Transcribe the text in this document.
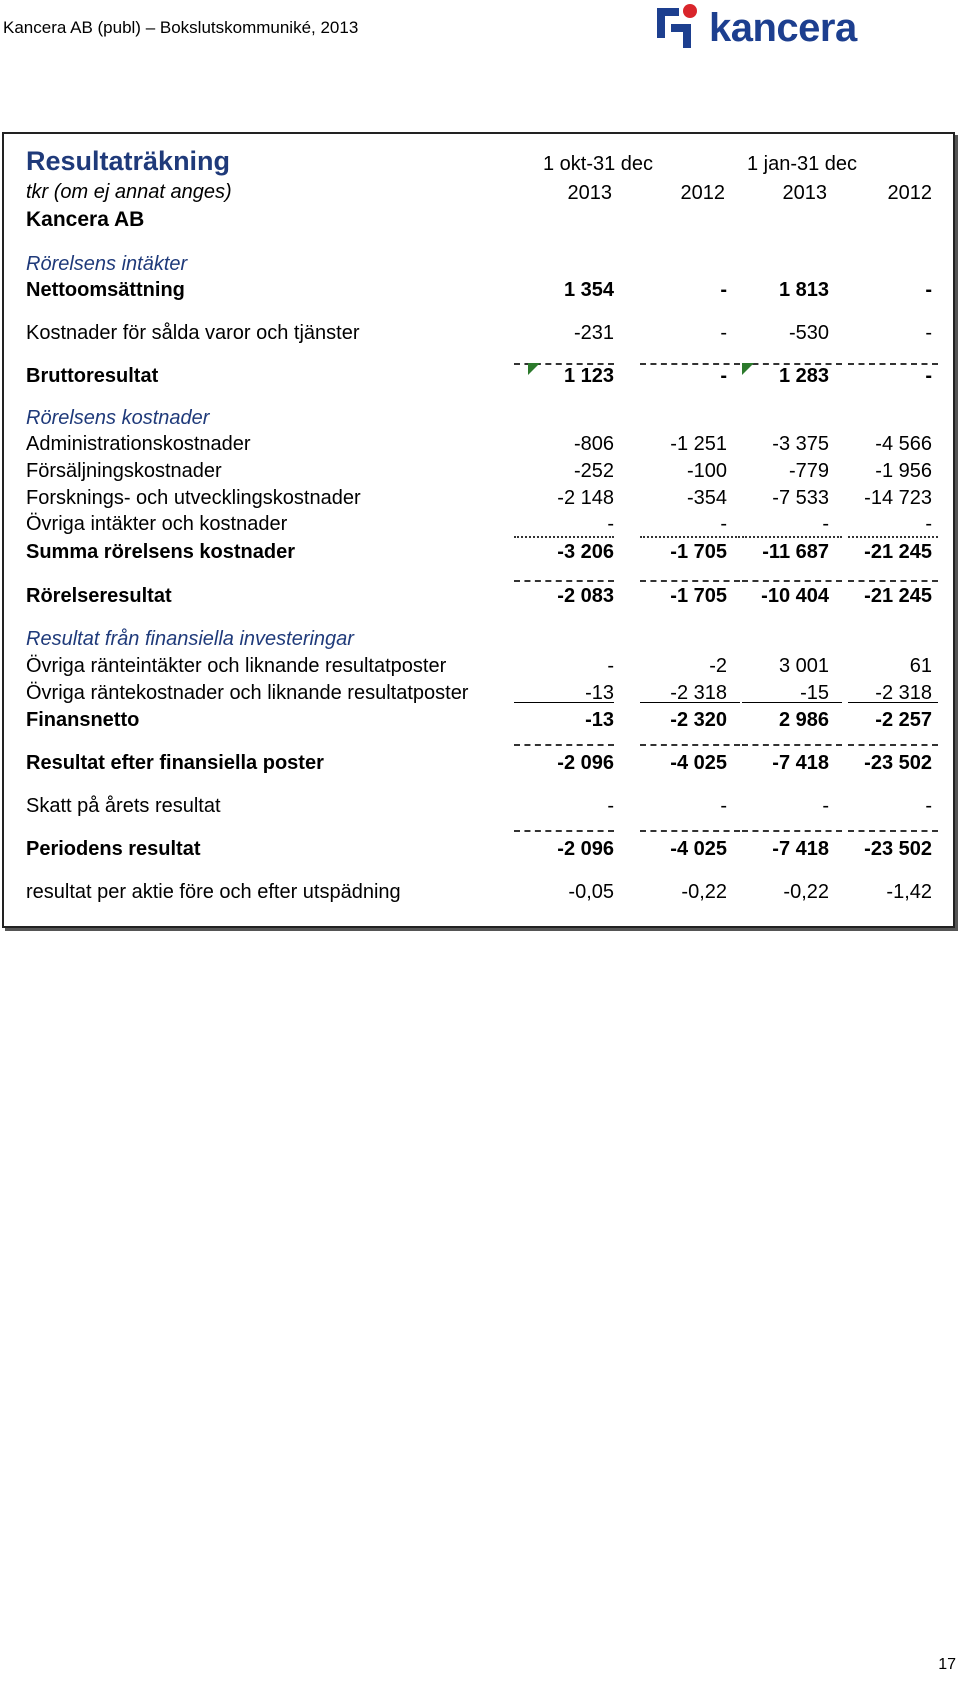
Kancera AB (publ) – Bokslutskommuniké, 2013	kancera
Resultaträkning
tkr (om ej annat anges)
Kancera AB
1 okt-31 dec	1 jan-31 dec
2013	2012	2013	2012
Rörelsens intäkter
Nettoomsättning	1 354	-	1 813	-
Kostnader för sålda varor och tjänster	-231	-	-530	-
Bruttoresultat	1 123	-	1 283	-
Rörelsens kostnader
Administrationskostnader	-806	-1 251	-3 375	-4 566
Försäljningskostnader	-252	-100	-779	-1 956
Forsknings- och utvecklingskostnader	-2 148	-354	-7 533	-14 723
Övriga intäkter och kostnader	-	-	-	-
Summa rörelsens kostnader	-3 206	-1 705	-11 687	-21 245
Rörelseresultat	-2 083	-1 705	-10 404	-21 245
Resultat från finansiella investeringar
Övriga ränteintäkter och liknande resultatposter	-	-2	3 001	61
Övriga räntekostnader och liknande resultatposter	-13	-2 318	-15	-2 318
Finansnetto	-13	-2 320	2 986	-2 257
Resultat efter finansiella poster	-2 096	-4 025	-7 418	-23 502
Skatt på årets resultat	-	-	-	-
Periodens resultat	-2 096	-4 025	-7 418	-23 502
resultat per aktie före och efter utspädning	-0,05	-0,22	-0,22	-1,42
17
